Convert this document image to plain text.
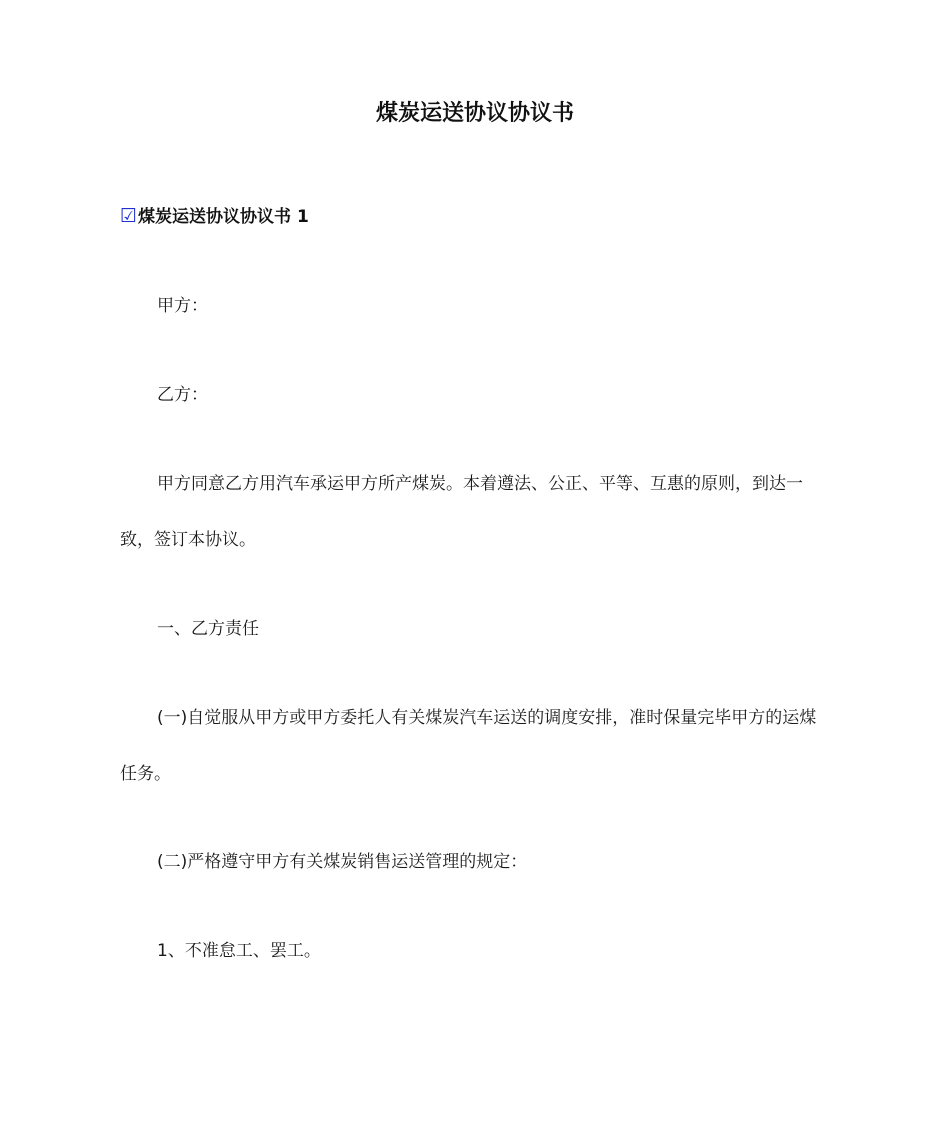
煤炭运送协议协议书
☑煤炭运送协议协议书 1
甲方：
乙方：
甲方同意乙方用汽车承运甲方所产煤炭。本着遵法、公正、平等、互惠的原则，到达一致，签订本协议。
一、乙方责任
(一)自觉服从甲方或甲方委托人有关煤炭汽车运送的调度安排，准时保量完毕甲方的运煤任务。
(二)严格遵守甲方有关煤炭销售运送管理的规定：
1、不准怠工、罢工。
